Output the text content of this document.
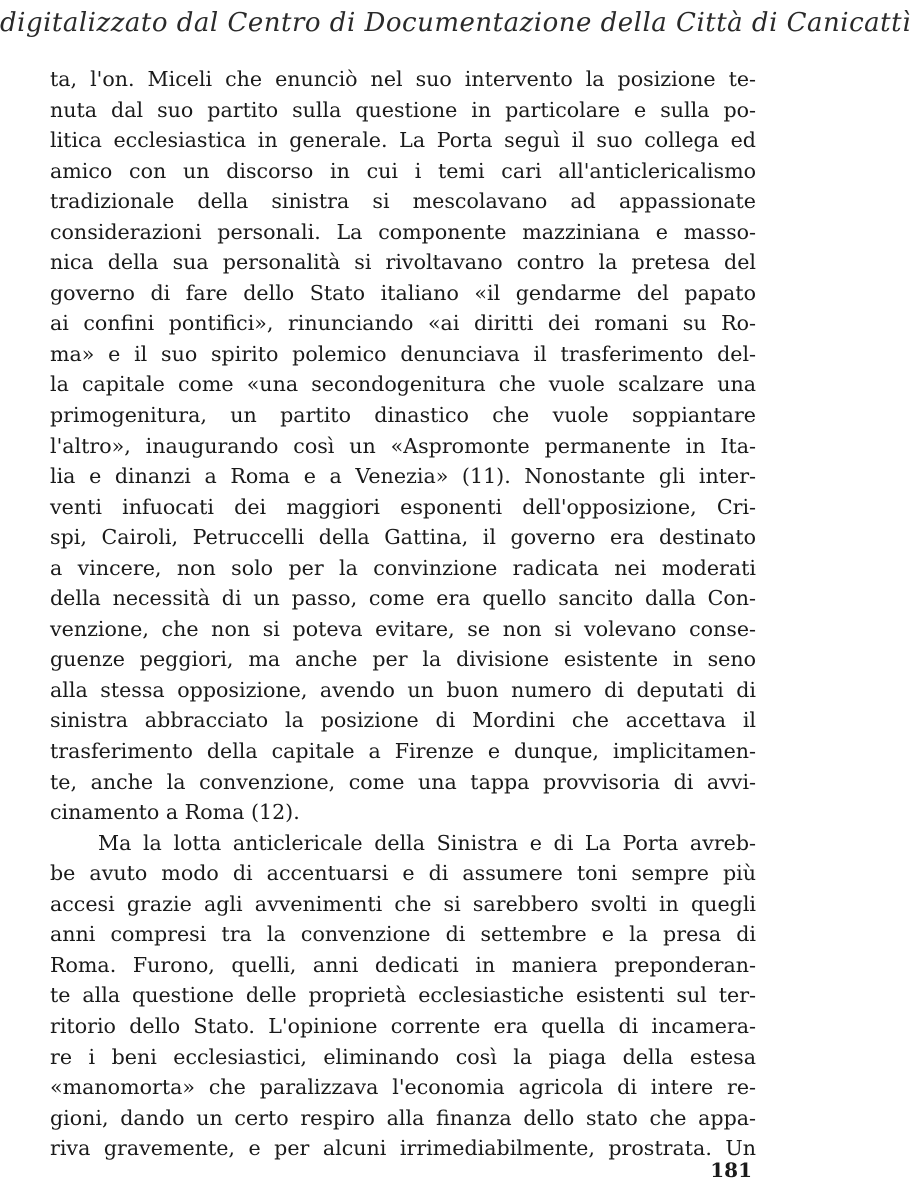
digitalizzato dal Centro di Documentazione della Città di Canicattì
ta, l'on. Miceli che enunciò nel suo intervento la posizione te-
nuta dal suo partito sulla questione in particolare e sulla po-
litica ecclesiastica in generale. La Porta seguì il suo collega ed
amico con un discorso in cui i temi cari all'anticlericalismo
tradizionale della sinistra si mescolavano ad appassionate
considerazioni personali. La componente mazziniana e masso-
nica della sua personalità si rivoltavano contro la pretesa del
governo di fare dello Stato italiano «il gendarme del papato
ai confini pontifici», rinunciando «ai diritti dei romani su Ro-
ma» e il suo spirito polemico denunciava il trasferimento del-
la capitale come «una secondogenitura che vuole scalzare una
primogenitura, un partito dinastico che vuole soppiantare
l'altro», inaugurando così un «Aspromonte permanente in Ita-
lia e dinanzi a Roma e a Venezia» (11). Nonostante gli inter-
venti infuocati dei maggiori esponenti dell'opposizione, Cri-
spi, Cairoli, Petruccelli della Gattina, il governo era destinato
a vincere, non solo per la convinzione radicata nei moderati
della necessità di un passo, come era quello sancito dalla Con-
venzione, che non si poteva evitare, se non si volevano conse-
guenze peggiori, ma anche per la divisione esistente in seno
alla stessa opposizione, avendo un buon numero di deputati di
sinistra abbracciato la posizione di Mordini che accettava il
trasferimento della capitale a Firenze e dunque, implicitamen-
te, anche la convenzione, come una tappa provvisoria di avvi-
cinamento a Roma (12).
Ma la lotta anticlericale della Sinistra e di La Porta avreb-
be avuto modo di accentuarsi e di assumere toni sempre più
accesi grazie agli avvenimenti che si sarebbero svolti in quegli
anni compresi tra la convenzione di settembre e la presa di
Roma. Furono, quelli, anni dedicati in maniera preponderan-
te alla questione delle proprietà ecclesiastiche esistenti sul ter-
ritorio dello Stato. L'opinione corrente era quella di incamera-
re i beni ecclesiastici, eliminando così la piaga della estesa
«manomorta» che paralizzava l'economia agricola di intere re-
gioni, dando un certo respiro alla finanza dello stato che appa-
riva gravemente, e per alcuni irrimediabilmente, prostrata. Un
181
